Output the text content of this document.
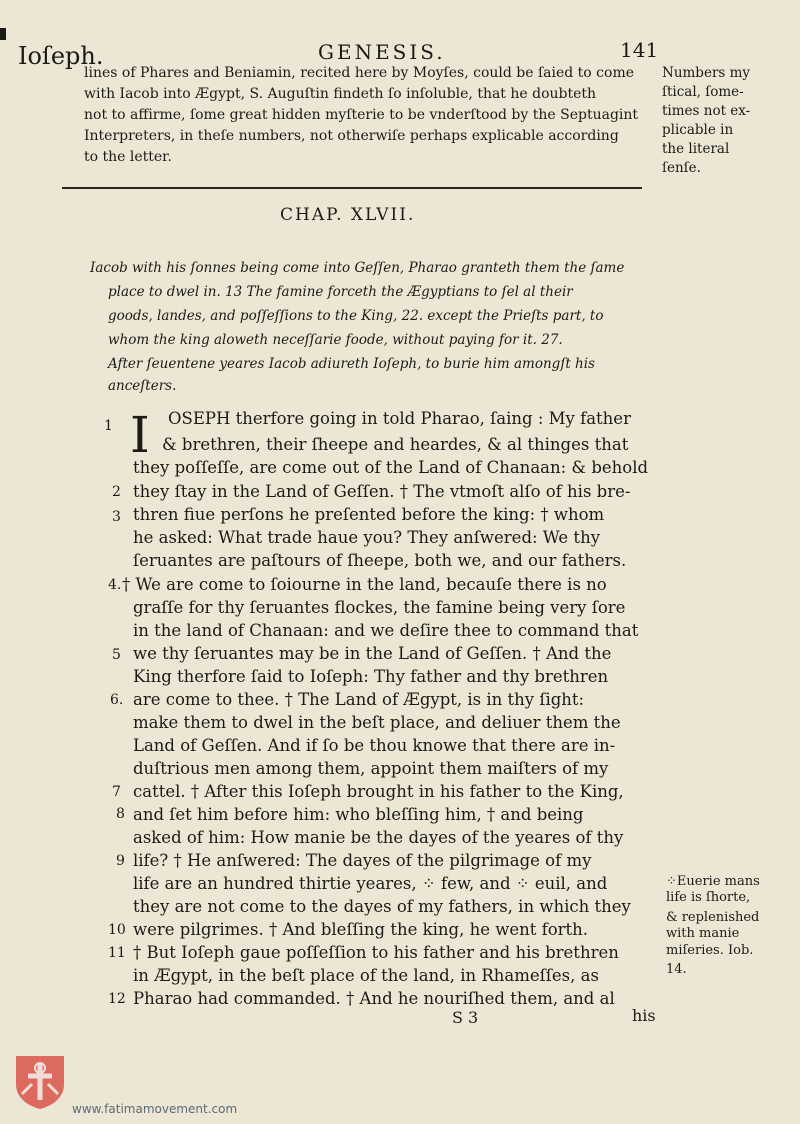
Ioſeph.	GENESIS.	141
lines of Phares and Beniamin, recited here by Moyſes, could be ſaied to come
with Iacob into Ægypt, S. Auguſtin findeth ſo inſoluble, that he doubteth
not to affirme, ſome great hidden myſterie to be vnderſtood by the Septuagint
Interpreters, in theſe numbers, not otherwiſe perhaps explicable according
to the letter.
Numbers my
ſtical, ſome-
times not ex-
plicable in
the literal
ſenſe.
CHAP. XLVII.
Iacob with his ſonnes being come into Geſſen, Pharao granteth them the ſame
place to dwel in. 13 The famine forceth the Ægyptians to ſel al their
goods, landes, and poſſeſſions to the King, 22. except the Prieſts part, to
whom the king aloweth neceſſarie foode, without paying for it. 27.
After ſeuentene yeares Iacob adiureth Ioſeph, to burie him amongſt his
anceſters.
1 I OSEPH therfore going in told Pharao, ſaing : My father
& brethren, their ſheepe and heardes, & al thinges that
they poſſeſſe, are come out of the Land of Chanaan: & behold
2 they ſtay in the Land of Geſſen. † The vtmoſt alſo of his bre-
3 thren fiue perſons he preſented before the king: † whom
he asked: What trade haue you? They anſwered: We thy
ſeruantes are paſtours of ſheepe, both we, and our fathers.
4. † We are come to ſoiourne in the land, becauſe there is no
graſſe for thy ſeruantes flockes, the famine being very ſore
in the land of Chanaan: and we deſire thee to command that
5 we thy ſeruantes may be in the Land of Geſſen. † And the
King therfore ſaid to Ioſeph: Thy father and thy brethren
6. are come to thee. † The Land of Ægypt, is in thy ſight:
make them to dwel in the beſt place, and deliuer them the
Land of Geſſen. And if ſo be thou knowe that there are in-
duſtrious men among them, appoint them maiſters of my
7 cattel. † After this Ioſeph brought in his father to the King,
8 and ſet him before him: who bleſſing him, † and being
asked of him: How manie be the dayes of the yeares of thy
9 life? † He anſwered: The dayes of the pilgrimage of my
life are an hundred thirtie yeares, ⁘ few, and ⁘ euil, and
they are not come to the dayes of my fathers, in which they
10 were pilgrimes. † And bleſſing the king, he went forth.
11 † But Ioſeph gaue poſſeſſion to his father and his brethren
in Ægypt, in the beſt place of the land, in Rhameſſes, as
12 Pharao had commanded. † And he nouriſhed them, and al
⁘Euerie mans
life is ſhorte,
& replenished
with manie
miſeries. Iob.
14.
S 3	his
www.fatimamovement.com
